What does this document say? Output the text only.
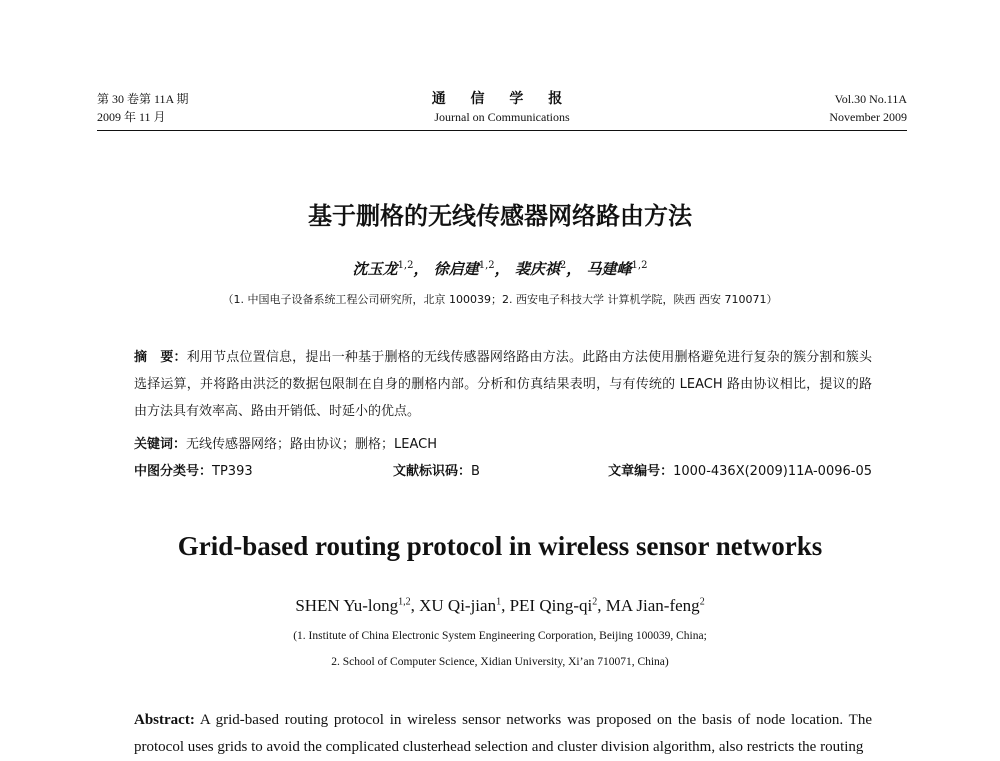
第 30 卷第 11A 期
2009 年 11 月
通 信 学 报
Journal on Communications
Vol.30 No.11A
November 2009
基于删格的无线传感器网络路由方法
沈玉龙$^{1,2}$， 徐启建$^{1,2}$， 裴庆祺$^2$， 马建峰$^{1,2}$
（1. 中国电子设备系统工程公司研究所，北京 100039；2. 西安电子科技大学 计算机学院，陕西 西安 710071）
摘　要：利用节点位置信息，提出一种基于删格的无线传感器网络路由方法。此路由方法使用删格避免进行复杂的簇分割和簇头选择运算，并将路由洪泛的数据包限制在自身的删格内部。分析和仿真结果表明，与有传统的 LEACH 路由协议相比，提议的路由方法具有效率高、路由开销低、时延小的优点。
关键词：无线传感器网络；路由协议；删格；LEACH
中图分类号：TP393	文献标识码：B	文章编号：1000-436X(2009)11A-0096-05
Grid-based routing protocol in wireless sensor networks
SHEN Yu-long$^{1,2}$, XU Qi-jian$^1$, PEI Qing-$qi^2$, MA Jian-feng$^2$
(1. Institute of China Electronic System Engineering Corporation, Beijing 100039, China;
2. School of Computer Science, Xidian University, Xi’an 710071, China)
Abstract: A grid-based routing protocol in wireless sensor networks was proposed on the basis of node location. The protocol uses grids to avoid the complicated clusterhead selection and cluster division algorithm, also restricts the routing
